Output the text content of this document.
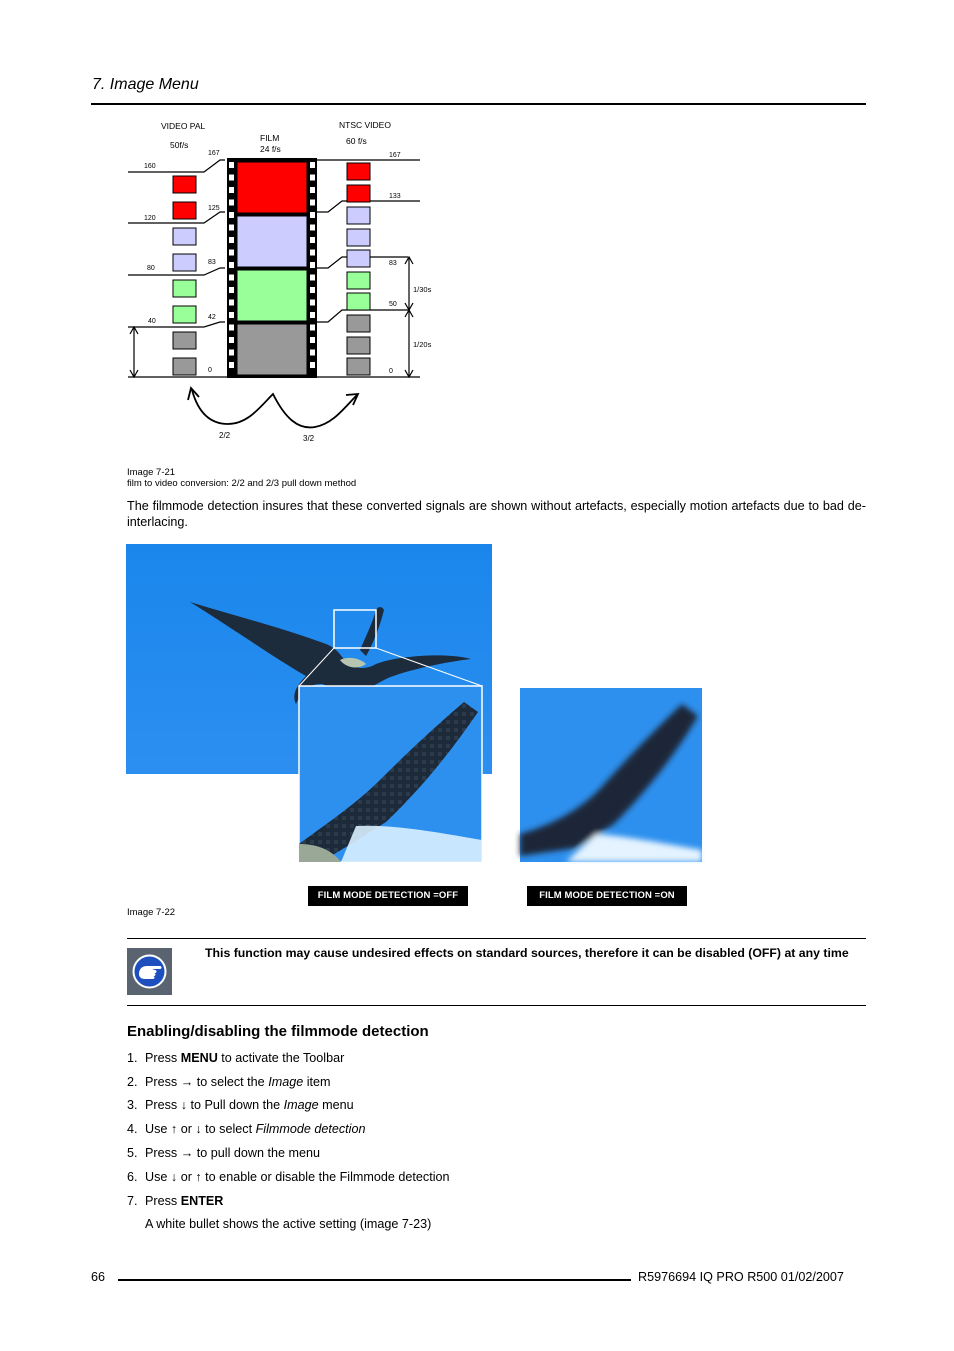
7. Image Menu
VIDEO PAL
50f/s
FILM
24 f/s
NTSC VIDEO
60 f/s
160
120
80
40
167
125
83
42
0
167
133
83
50
0
1/30s
1/20s
2/2	3/2
Image 7-21
film to video conversion: 2/2 and 2/3 pull down method
The filmmode detection insures that these converted signals are shown without artefacts, especially motion artefacts due to bad de-interlacing.
FILM MODE DETECTION =OFF	FILM MODE DETECTION =ON
Image 7-22
This function may cause undesired effects on standard sources, therefore it can be disabled (OFF) at any time
Enabling/disabling the filmmode detection
1. Press MENU to activate the Toolbar
2. Press → to select the Image item
3. Press ↓ to Pull down the Image menu
4. Use ↑ or ↓ to select Filmmode detection
5. Press → to pull down the menu
6. Use ↓ or ↑ to enable or disable the Filmmode detection
7. Press ENTER
A white bullet shows the active setting (image 7-23)
66	R5976694 IQ PRO R500 01/02/2007
